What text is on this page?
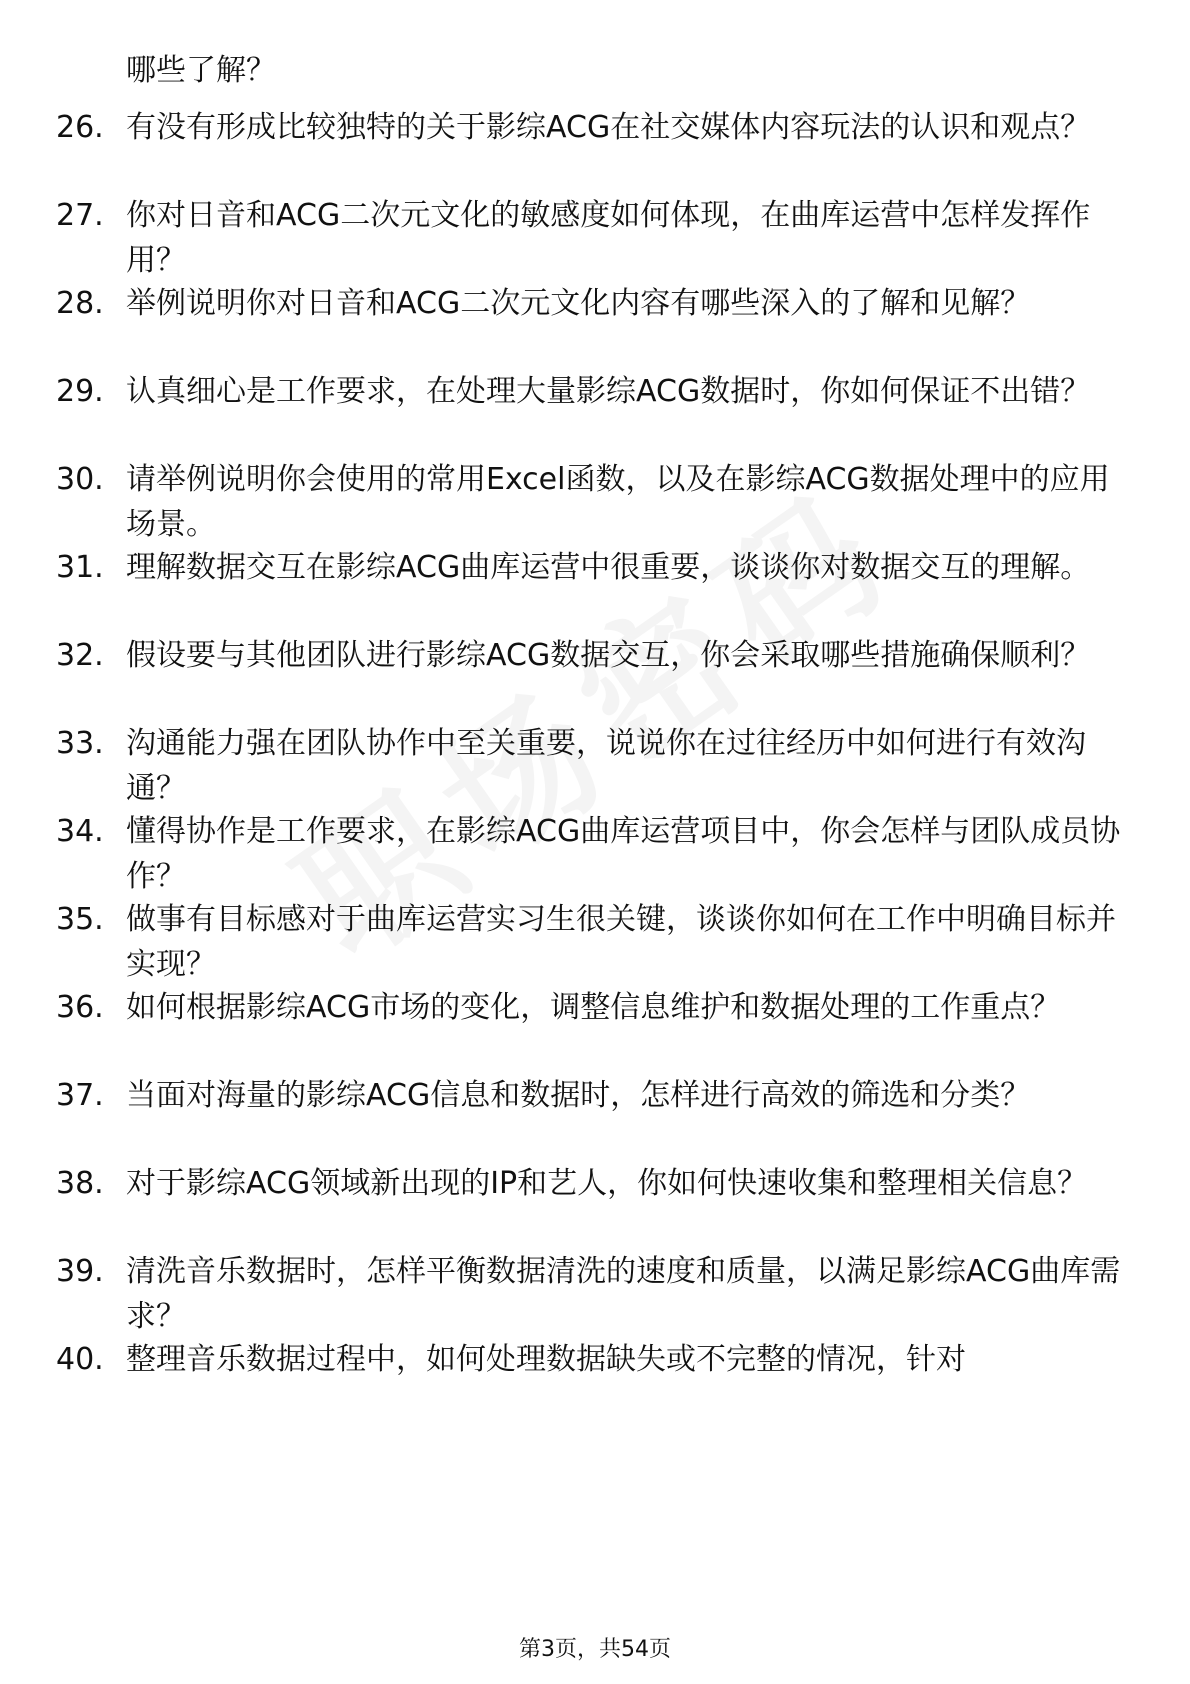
哪些了解？
26. 有没有形成比较独特的关于影综ACG在社交媒体内容玩法的认识和观点？
27. 你对日音和ACG二次元文化的敏感度如何体现，在曲库运营中怎样发挥作用？
28. 举例说明你对日音和ACG二次元文化内容有哪些深入的了解和见解？
29. 认真细心是工作要求，在处理大量影综ACG数据时，你如何保证不出错？
30. 请举例说明你会使用的常用Excel函数，以及在影综ACG数据处理中的应用场景。
31. 理解数据交互在影综ACG曲库运营中很重要，谈谈你对数据交互的理解。
32. 假设要与其他团队进行影综ACG数据交互，你会采取哪些措施确保顺利？
33. 沟通能力强在团队协作中至关重要，说说你在过往经历中如何进行有效沟通？
34. 懂得协作是工作要求，在影综ACG曲库运营项目中，你会怎样与团队成员协作？
35. 做事有目标感对于曲库运营实习生很关键，谈谈你如何在工作中明确目标并实现？
36. 如何根据影综ACG市场的变化，调整信息维护和数据处理的工作重点？
37. 当面对海量的影综ACG信息和数据时，怎样进行高效的筛选和分类？
38. 对于影综ACG领域新出现的IP和艺人，你如何快速收集和整理相关信息？
39. 清洗音乐数据时，怎样平衡数据清洗的速度和质量，以满足影综ACG曲库需求？
40. 整理音乐数据过程中，如何处理数据缺失或不完整的情况，针对
第3页，共54页
